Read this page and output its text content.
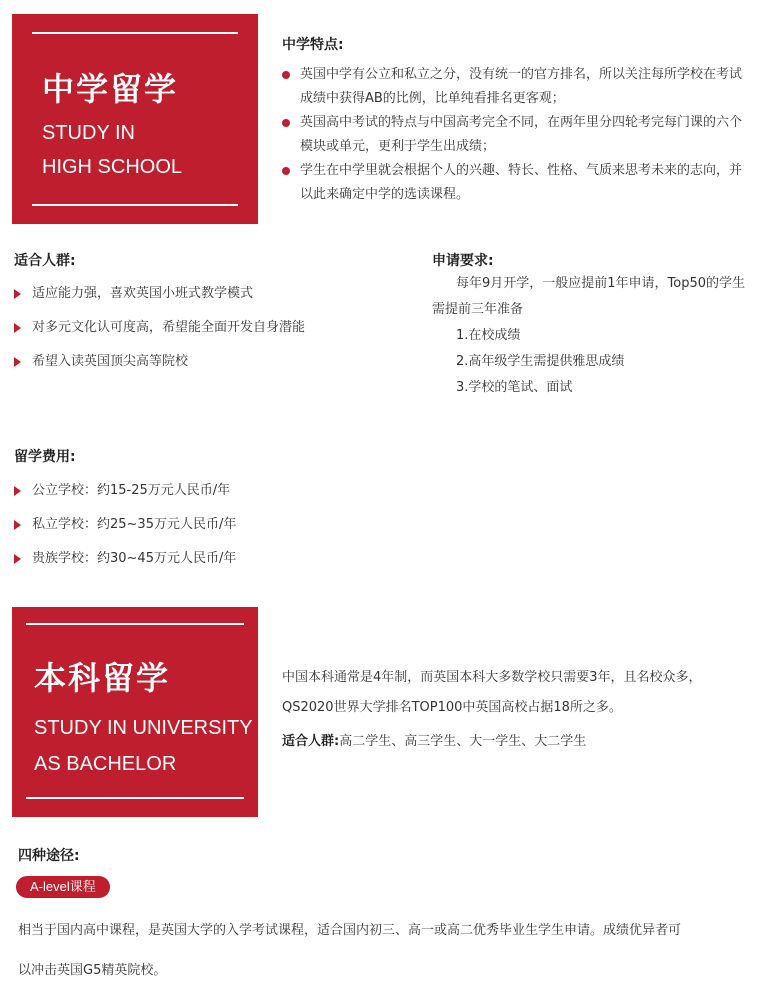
中学留学
STUDY IN
HIGH SCHOOL
中学特点:
英国中学有公立和私立之分，没有统一的官方排名，所以关注每所学校在考试成绩中获得AB的比例，比单纯看排名更客观；
英国高中考试的特点与中国高考完全不同，在两年里分四轮考完每门课的六个模块或单元，更利于学生出成绩；
学生在中学里就会根据个人的兴趣、特长、性格、气质来思考未来的志向，并以此来确定中学的选读课程。
适合人群:
适应能力强，喜欢英国小班式教学模式
对多元文化认可度高，希望能全面开发自身潜能
希望入读英国顶尖高等院校
申请要求:
每年9月开学，一般应提前1年申请，Top50的学生
需提前三年准备
1.在校成绩
2.高年级学生需提供雅思成绩
3.学校的笔试、面试
留学费用:
公立学校：约15-25万元人民币/年
私立学校：约25~35万元人民币/年
贵族学校：约30~45万元人民币/年
本科留学
STUDY IN UNIVERSITY
AS BACHELOR
中国本科通常是4年制，而英国本科大多数学校只需要3年，且名校众多，
QS2020世界大学排名TOP100中英国高校占据18所之多。
适合人群:高二学生、高三学生、大一学生、大二学生
四种途径:
A-level课程
相当于国内高中课程，是英国大学的入学考试课程，适合国内初三、高一或高二优秀毕业生学生申请。成绩优异者可
以冲击英国G5精英院校。
